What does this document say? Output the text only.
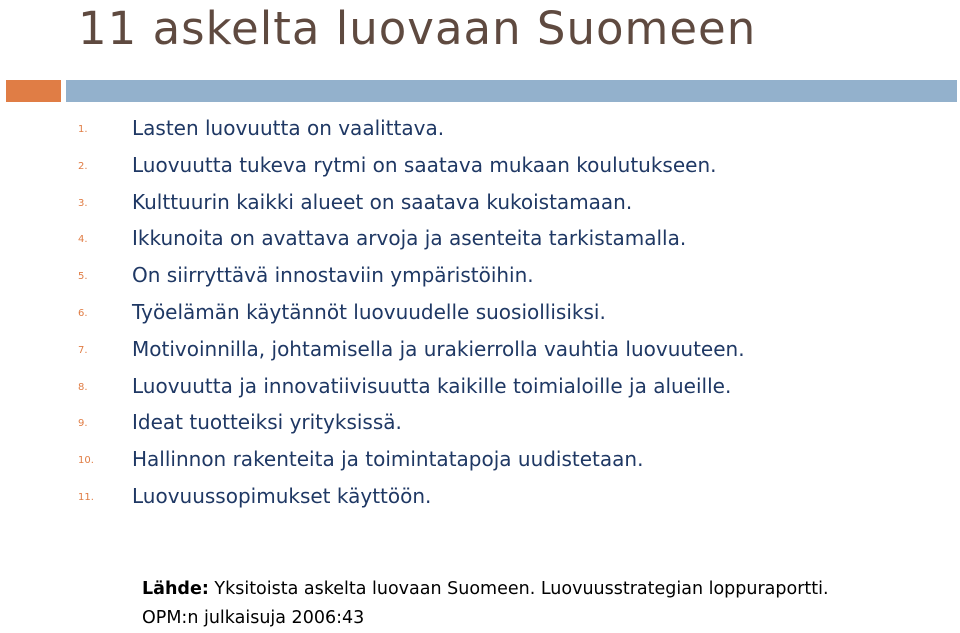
11 askelta luovaan Suomeen
1. Lasten luovuutta on vaalittava.
2. Luovuutta tukeva rytmi on saatava mukaan koulutukseen.
3. Kulttuurin kaikki alueet on saatava kukoistamaan.
4. Ikkunoita on avattava arvoja ja asenteita tarkistamalla.
5. On siirryttävä innostaviin ympäristöihin.
6. Työelämän käytännöt luovuudelle suosiollisiksi.
7. Motivoinnilla, johtamisella ja urakierrolla vauhtia luovuuteen.
8. Luovuutta ja innovatiivisuutta kaikille toimialoille ja alueille.
9. Ideat tuotteiksi yrityksissä.
10. Hallinnon rakenteita ja toimintatapoja uudistetaan.
11. Luovuussopimukset käyttöön.
Lähde: Yksitoista askelta luovaan Suomeen. Luovuusstrategian loppuraportti.
OPM:n julkaisuja 2006:43
